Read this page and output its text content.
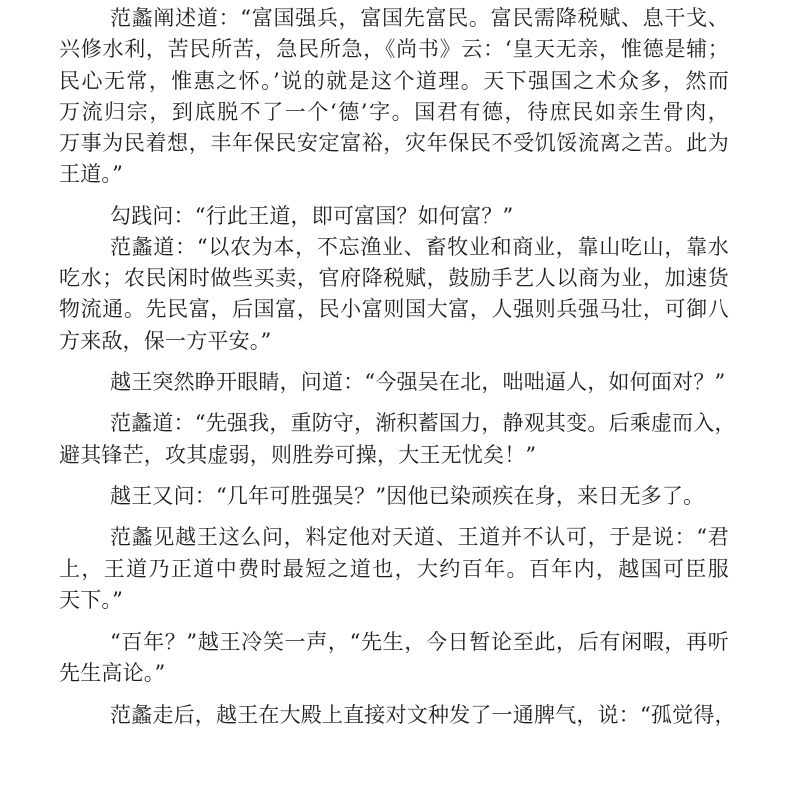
范蠡阐述道：“富国强兵，富国先富民。富民需降税赋、息干戈、
兴修水利，苦民所苦，急民所急，《尚书》云：‘皇天无亲，惟德是辅；
民心无常，惟惠之怀。’说的就是这个道理。天下强国之术众多，然而
万流归宗，到底脱不了一个‘德’字。国君有德，待庶民如亲生骨肉，
万事为民着想，丰年保民安定富裕，灾年保民不受饥馁流离之苦。此为
王道。”
勾践问：“行此王道，即可富国？如何富？”
范蠡道：“以农为本，不忘渔业、畜牧业和商业，靠山吃山，靠水
吃水；农民闲时做些买卖，官府降税赋，鼓励手艺人以商为业，加速货
物流通。先民富，后国富，民小富则国大富，人强则兵强马壮，可御八
方来敌，保一方平安。”
越王突然睁开眼睛，问道：“今强吴在北，咄咄逼人，如何面对？”
范蠡道：“先强我，重防守，渐积蓄国力，静观其变。后乘虚而入，
避其锋芒，攻其虚弱，则胜券可操，大王无忧矣！”
越王又问：“几年可胜强吴？”因他已染顽疾在身，来日无多了。
范蠡见越王这么问，料定他对天道、王道并不认可，于是说：“君
上，王道乃正道中费时最短之道也，大约百年。百年内，越国可臣服
天下。”
“百年？”越王冷笑一声，“先生，今日暂论至此，后有闲暇，再听
先生高论。”
范蠡走后，越王在大殿上直接对文种发了一通脾气，说：“孤觉得，
